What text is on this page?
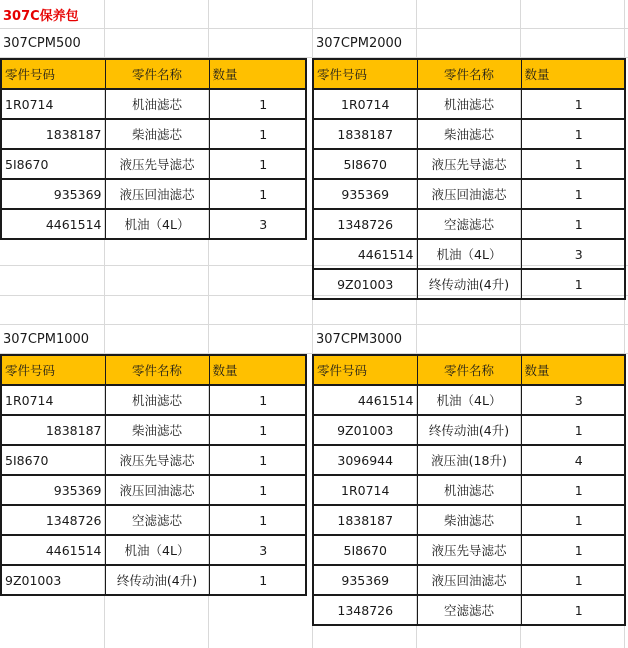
307C保养包
307CPM500	307CPM2000
307CPM1000	307CPM3000
零件号码	零件名称	数量
1R0714	机油滤芯	1
1838187	柴油滤芯	1
5I8670	液压先导滤芯	1
935369	液压回油滤芯	1
4461514	机油（4L）	3
零件号码	零件名称	数量
1R0714	机油滤芯	1
1838187	柴油滤芯	1
5I8670	液压先导滤芯	1
935369	液压回油滤芯	1
1348726	空滤滤芯	1
4461514	机油（4L）	3
9Z01003	终传动油(4升)	1
零件号码	零件名称	数量
1R0714	机油滤芯	1
1838187	柴油滤芯	1
5I8670	液压先导滤芯	1
935369	液压回油滤芯	1
1348726	空滤滤芯	1
4461514	机油（4L）	3
9Z01003	终传动油(4升)	1
零件号码	零件名称	数量
4461514	机油（4L）	3
9Z01003	终传动油(4升)	1
3096944	液压油(18升)	4
1R0714	机油滤芯	1
1838187	柴油滤芯	1
5I8670	液压先导滤芯	1
935369	液压回油滤芯	1
1348726	空滤滤芯	1
